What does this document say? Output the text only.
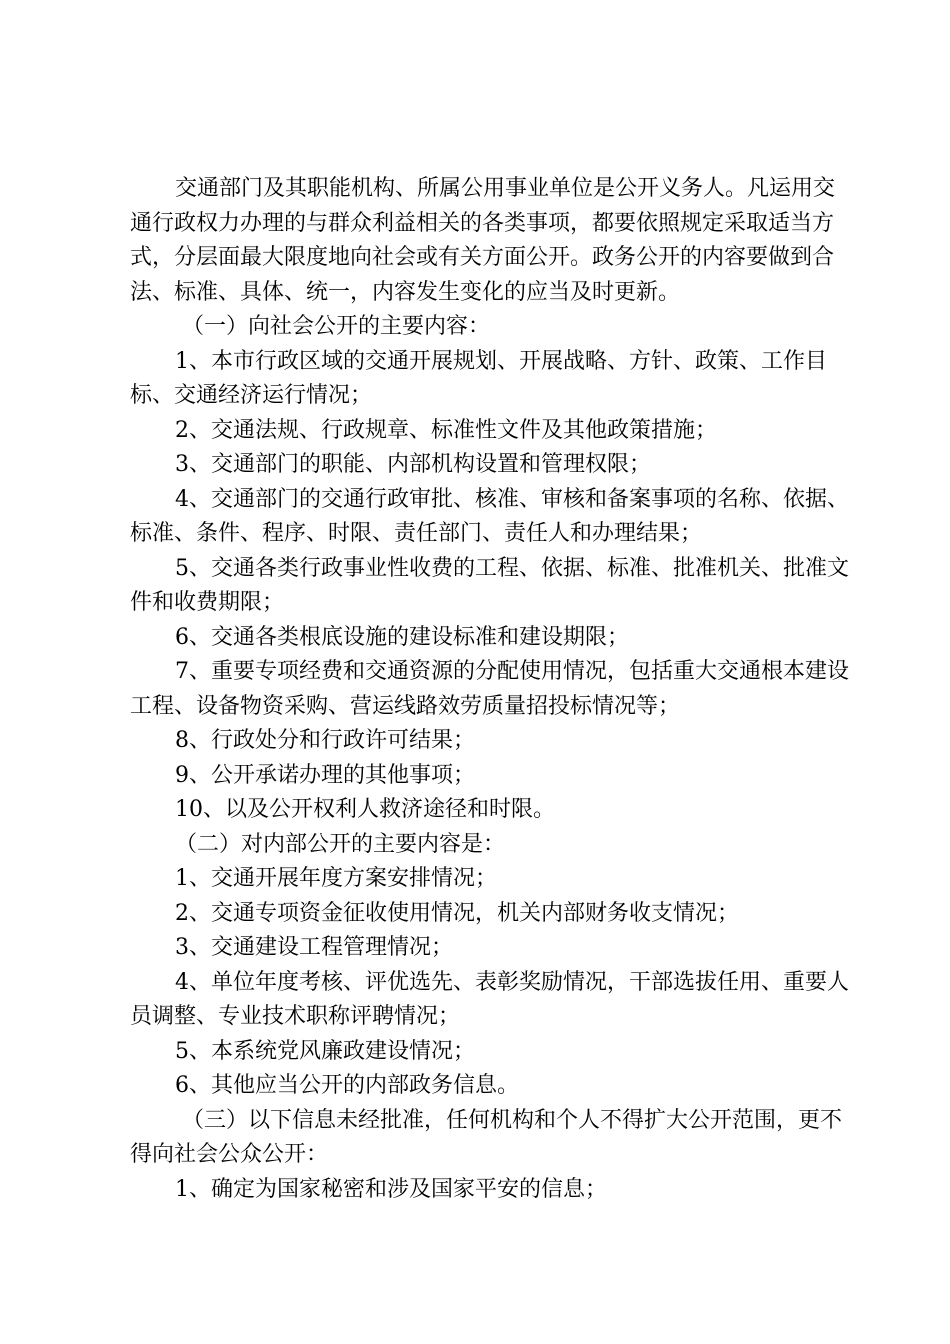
交通部门及其职能机构、所属公用事业单位是公开义务人。凡运用交通行政权力办理的与群众利益相关的各类事项，都要依照规定采取适当方式，分层面最大限度地向社会或有关方面公开。政务公开的内容要做到合法、标准、具体、统一，内容发生变化的应当及时更新。

（一）向社会公开的主要内容：

1、本市行政区域的交通开展规划、开展战略、方针、政策、工作目标、交通经济运行情况；

2、交通法规、行政规章、标准性文件及其他政策措施；

3、交通部门的职能、内部机构设置和管理权限；

4、交通部门的交通行政审批、核准、审核和备案事项的名称、依据、标准、条件、程序、时限、责任部门、责任人和办理结果；

5、交通各类行政事业性收费的工程、依据、标准、批准机关、批准文件和收费期限；

6、交通各类根底设施的建设标准和建设期限；

7、重要专项经费和交通资源的分配使用情况，包括重大交通根本建设工程、设备物资采购、营运线路效劳质量招投标情况等；

8、行政处分和行政许可结果；

9、公开承诺办理的其他事项；

10、以及公开权利人救济途径和时限。

（二）对内部公开的主要内容是：

1、交通开展年度方案安排情况；

2、交通专项资金征收使用情况，机关内部财务收支情况；

3、交通建设工程管理情况；

4、单位年度考核、评优选先、表彰奖励情况，干部选拔任用、重要人员调整、专业技术职称评聘情况；

5、本系统党风廉政建设情况；

6、其他应当公开的内部政务信息。

（三）以下信息未经批准，任何机构和个人不得扩大公开范围，更不得向社会公众公开：

1、确定为国家秘密和涉及国家平安的信息；
